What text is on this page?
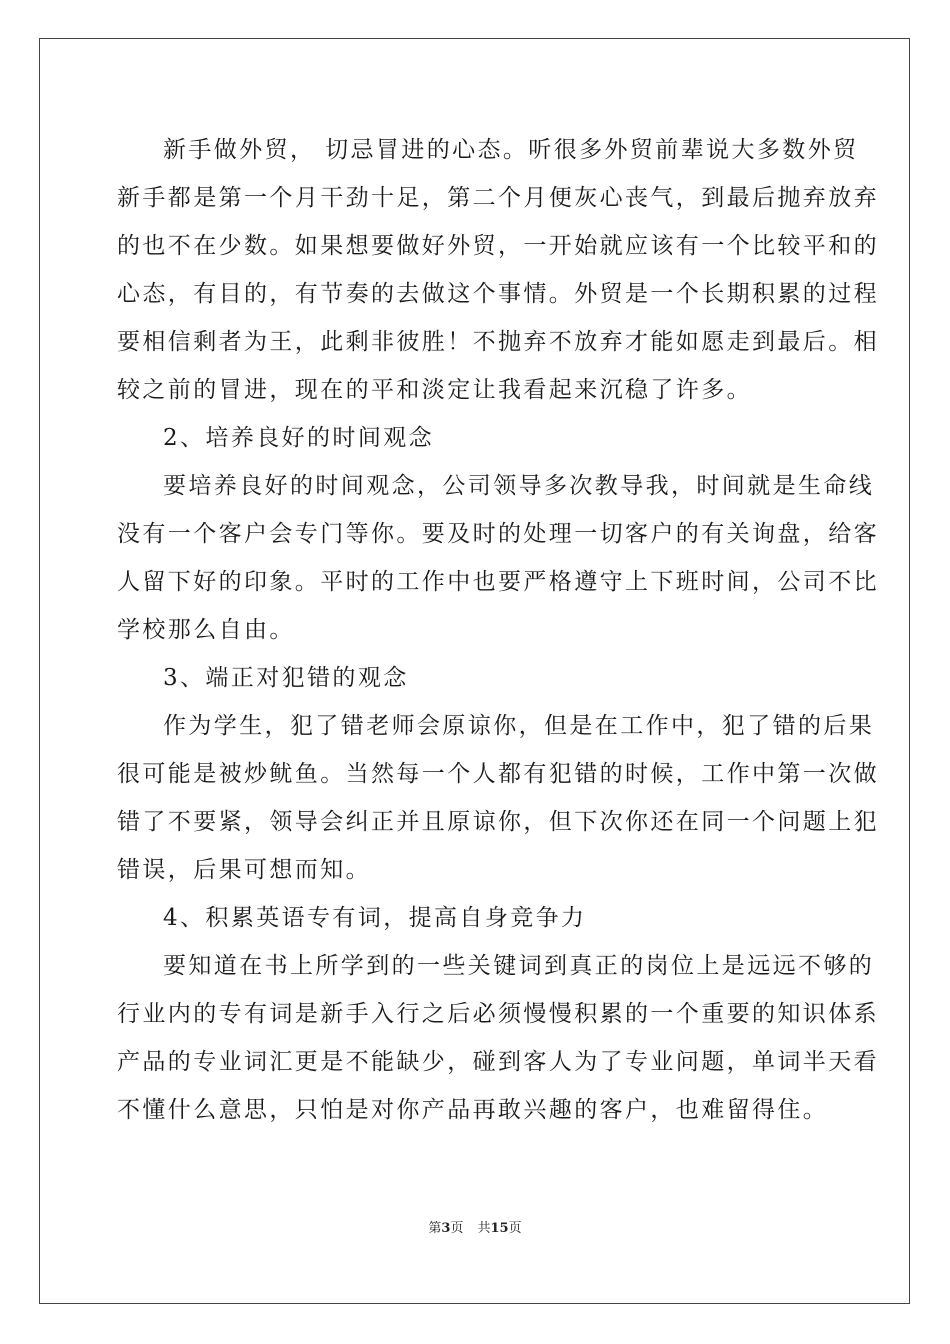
新手做外贸， 切忌冒进的心态。听很多外贸前辈说大多数外贸
新手都是第一个月干劲十足，第二个月便灰心丧气，到最后抛弃放弃
的也不在少数。如果想要做好外贸，一开始就应该有一个比较平和的
心态，有目的，有节奏的去做这个事情。外贸是一个长期积累的过程
要相信剩者为王，此剩非彼胜！不抛弃不放弃才能如愿走到最后。相
较之前的冒进，现在的平和淡定让我看起来沉稳了许多。
2、培养良好的时间观念
要培养良好的时间观念，公司领导多次教导我，时间就是生命线
没有一个客户会专门等你。要及时的处理一切客户的有关询盘，给客
人留下好的印象。平时的工作中也要严格遵守上下班时间，公司不比
学校那么自由。
3、端正对犯错的观念
作为学生，犯了错老师会原谅你，但是在工作中，犯了错的后果
很可能是被炒鱿鱼。当然每一个人都有犯错的时候，工作中第一次做
错了不要紧，领导会纠正并且原谅你，但下次你还在同一个问题上犯
错误，后果可想而知。
4、积累英语专有词，提高自身竞争力
要知道在书上所学到的一些关键词到真正的岗位上是远远不够的
行业内的专有词是新手入行之后必须慢慢积累的一个重要的知识体系
产品的专业词汇更是不能缺少，碰到客人为了专业问题，单词半天看
不懂什么意思，只怕是对你产品再敢兴趣的客户，也难留得住。
第3页 共15页
